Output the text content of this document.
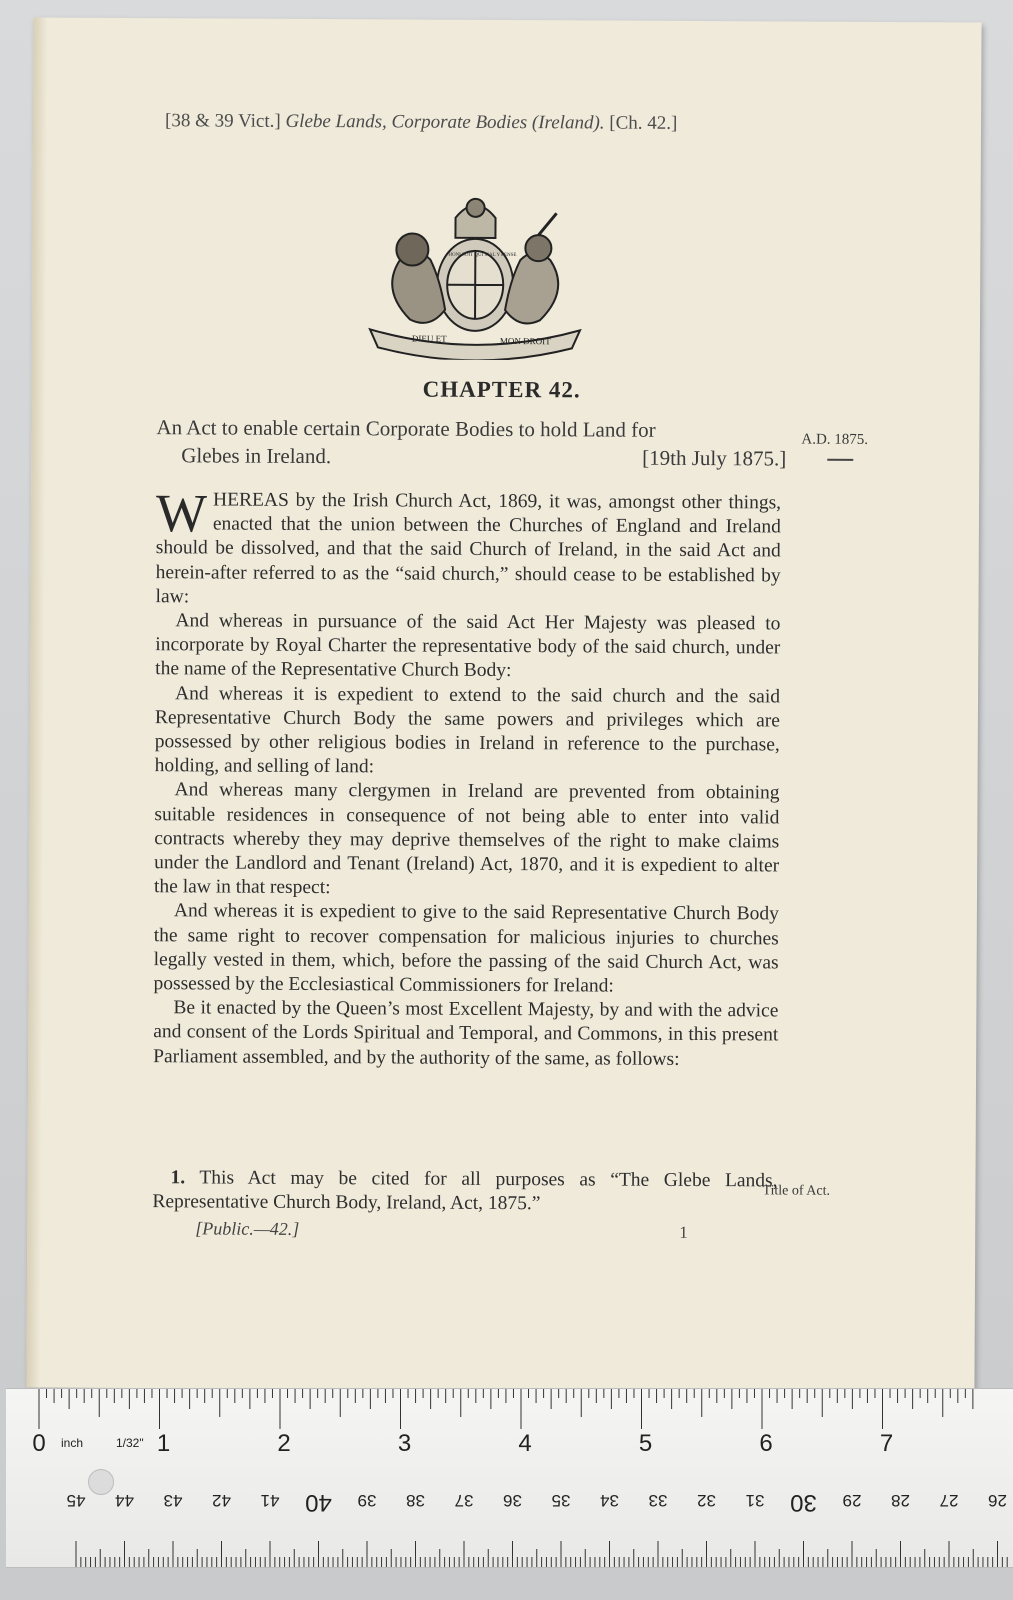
[38 & 39 Vict.] Glebe Lands, Corporate Bodies (Ireland). [Ch. 42.]
DIEU ET	MON DROIT
HONI SOIT QUI MAL Y PENSE
CHAPTER 42.
An Act to enable certain Corporate Bodies to hold Land for
Glebes in Ireland.	[19th July 1875.]
A.D. 1875.

WHEREAS by the Irish Church Act, 1869, it was, amongst other things, enacted that the union between the Churches of England and Ireland should be dissolved, and that the said Church of Ireland, in the said Act and herein-after referred to as the “said church,” should cease to be established by law:

And whereas in pursuance of the said Act Her Majesty was pleased to incorporate by Royal Charter the representative body of the said church, under the name of the Representative Church Body:

And whereas it is expedient to extend to the said church and the said Representative Church Body the same powers and privileges which are possessed by other religious bodies in Ireland in reference to the purchase, holding, and selling of land:

And whereas many clergymen in Ireland are prevented from obtaining suitable residences in consequence of not being able to enter into valid contracts whereby they may deprive themselves of the right to make claims under the Landlord and Tenant (Ireland) Act, 1870, and it is expedient to alter the law in that respect:

And whereas it is expedient to give to the said Representative Church Body the same right to recover compensation for malicious injuries to churches legally vested in them, which, before the passing of the said Church Act, was possessed by the Ecclesiastical Commissioners for Ireland:

Be it enacted by the Queen’s most Excellent Majesty, by and with the advice and consent of the Lords Spiritual and Temporal, and Commons, in this present Parliament assembled, and by the authority of the same, as follows:

1. This Act may be cited for all purposes as “The Glebe Lands, Representative Church Body, Ireland, Act, 1875.”

Title of Act.
[Public.—42.]	1
0	1	2	3	4	5	6	7
inch	1/32"
45 44 43 42 41 40 39 38 37 36 35 34 33 32 31 30 29 28 27 26
